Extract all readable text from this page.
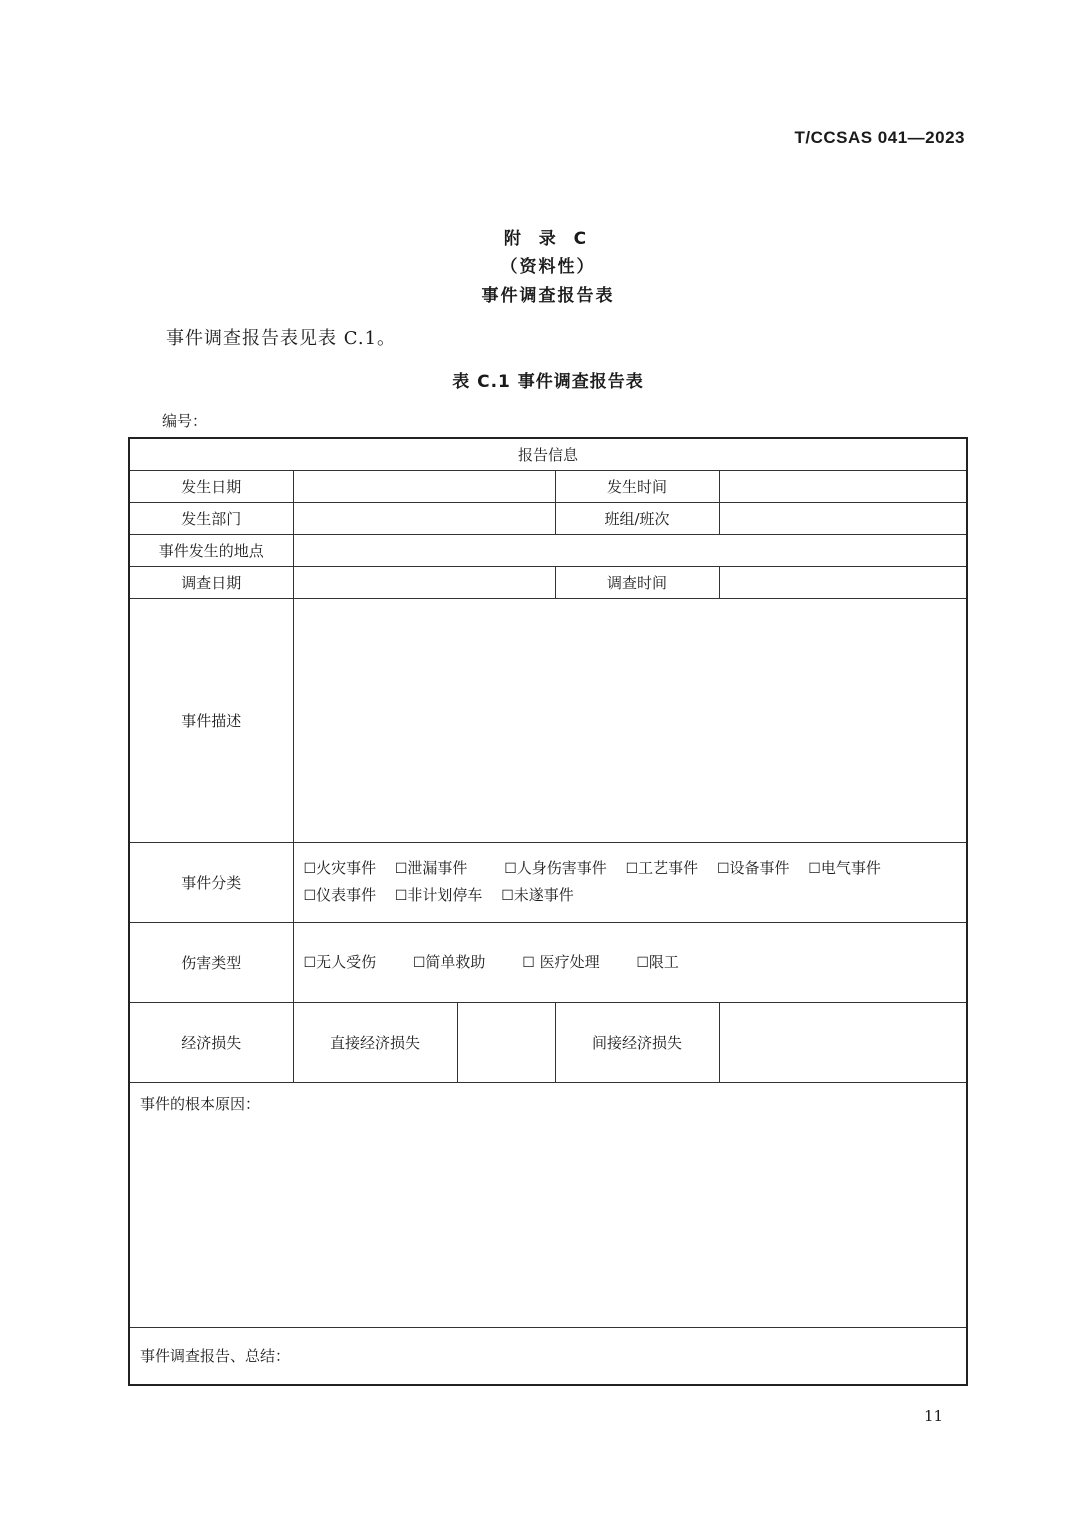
T/CCSAS 041—2023
附 录 C
（资料性）
事件调查报告表
事件调查报告表见表 C.1。
表 C.1 事件调查报告表
编号：
报告信息				
发生日期			发生时间	
发生部门			班组/班次	
事件发生的地点				
调查日期			调查时间	
事件描述				
事件分类	☐火灾事件 ☐泄漏事件 ☐人身伤害事件 ☐工艺事件 ☐设备事件 ☐电气事件
☐仪表事件 ☐非计划停车 ☐未遂事件			

伤害类型	☐无人受伤 ☐简单救助 ☐ 医疗处理 ☐限工			
经济损失	直接经济损失		间接经济损失	

事件的根本原因：				

事件调查报告、总结：				
11
